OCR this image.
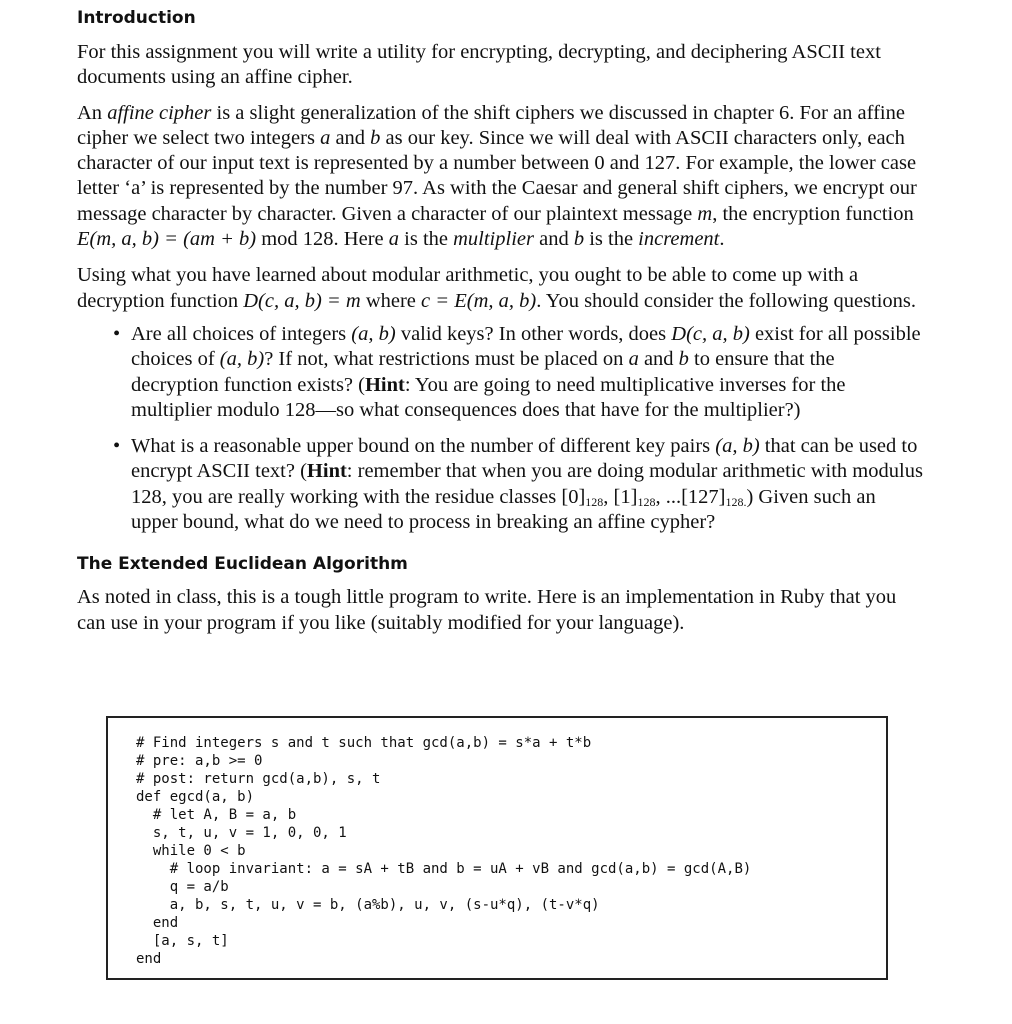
Introduction

For this assignment you will write a utility for encrypting, decrypting, and deciphering ASCII text documents using an affine cipher.

An affine cipher is a slight generalization of the shift ciphers we discussed in chapter 6. For an affine cipher we select two integers a and b as our key. Since we will deal with ASCII characters only, each character of our input text is represented by a number between 0 and 127. For example, the lower case letter ‘a’ is represented by the number 97. As with the Caesar and general shift ciphers, we encrypt our message character by character. Given a character of our plaintext message m, the encryption function E(m, a, b) = (am + b) mod 128. Here a is the multiplier and b is the increment.

Using what you have learned about modular arithmetic, you ought to be able to come up with a decryption function D(c, a, b) = m where c = E(m, a, b). You should consider the following questions.

• Are all choices of integers (a, b) valid keys? In other words, does D(c, a, b) exist for all possible choices of (a, b)? If not, what restrictions must be placed on a and b to ensure that the decryption function exists? (Hint: You are going to need multiplicative inverses for the multiplier modulo 128—so what consequences does that have for the multiplier?)
• What is a reasonable upper bound on the number of different key pairs (a, b) that can be used to encrypt ASCII text? (Hint: remember that when you are doing modular arithmetic with modulus 128, you are really working with the residue classes $[0]_{128}$, $[1]_{128}$, $...[127]_{128.}$) Given such an upper bound, what do we need to process in breaking an affine cypher?
The Extended Euclidean Algorithm

As noted in class, this is a tough little program to write. Here is an implementation in Ruby that you can use in your program if you like (suitably modified for your language).

# Find integers s and t such that gcd(a,b) = s*a + t*b
# pre: a,b >= 0
# post: return gcd(a,b), s, t
def egcd(a, b)
# let A, B = a, b
s, t, u, v = 1, 0, 0, 1
while 0 < b
# loop invariant: a = sA + tB and b = uA + vB and gcd(a,b) = gcd(A,B)
q = a/b
a, b, s, t, u, v = b, (a%b), u, v, (s-u*q), (t-v*q)
end
[a, s, t]
end
